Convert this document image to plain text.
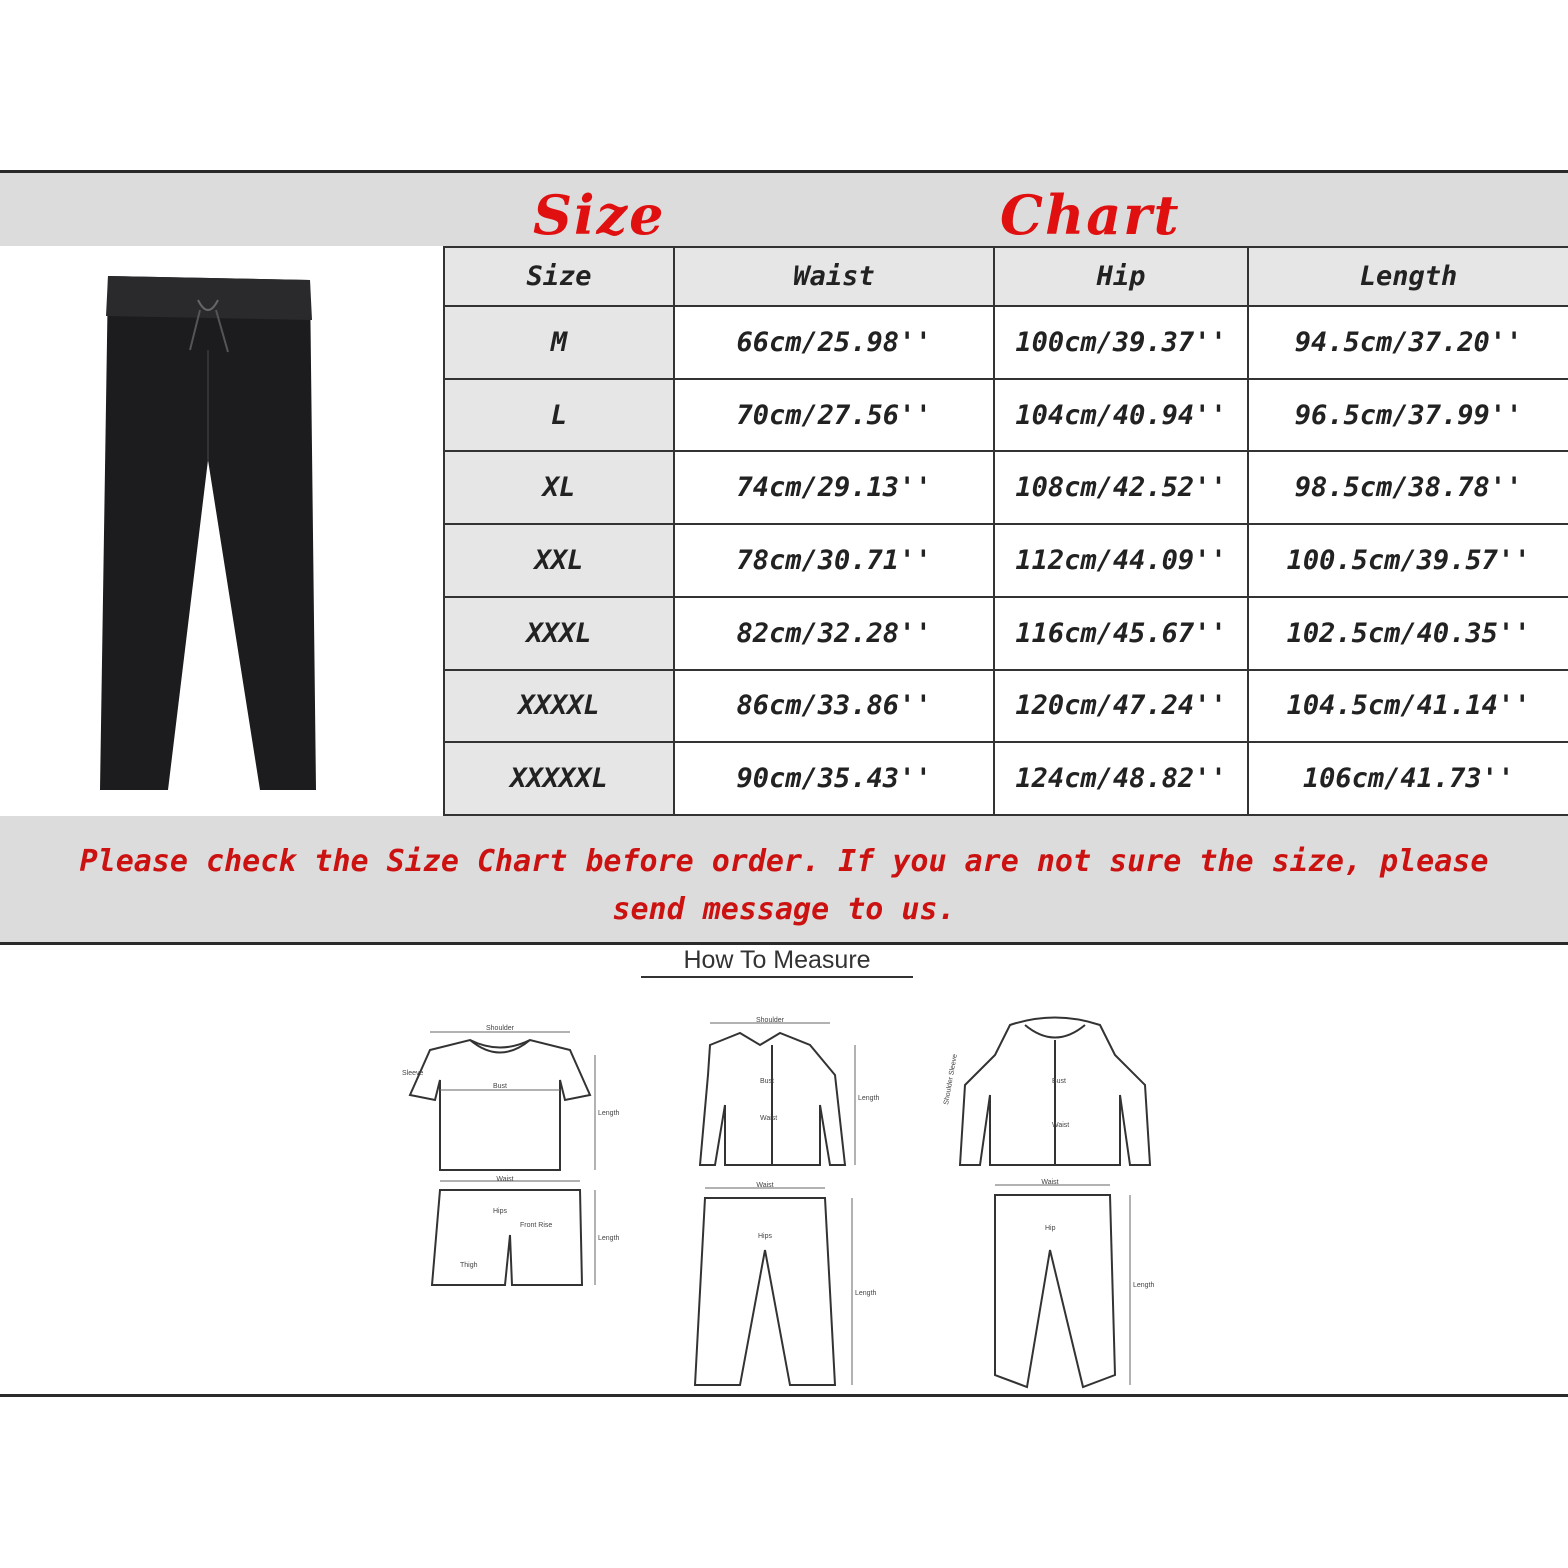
Size	Chart
Size	Waist	Hip	Length
M	66cm/25.98''	100cm/39.37''	94.5cm/37.20''
L	70cm/27.56''	104cm/40.94''	96.5cm/37.99''
XL	74cm/29.13''	108cm/42.52''	98.5cm/38.78''
XXL	78cm/30.71''	112cm/44.09''	100.5cm/39.57''
XXXL	82cm/32.28''	116cm/45.67''	102.5cm/40.35''
XXXXL	86cm/33.86''	120cm/47.24''	104.5cm/41.14''
XXXXXL	90cm/35.43''	124cm/48.82''	106cm/41.73''
Please check the Size Chart before order. If you are not sure the size, please
send message to us.
How To Measure
Shoulder
Bust
Length
Sleeve
Waist
Hips
Front Rise
Thigh
Length
Shoulder
Bust
Waist
Length
Waist
Hips
Length
Bust
Waist
Shoulder Sleeve
Waist
Hip
Length
